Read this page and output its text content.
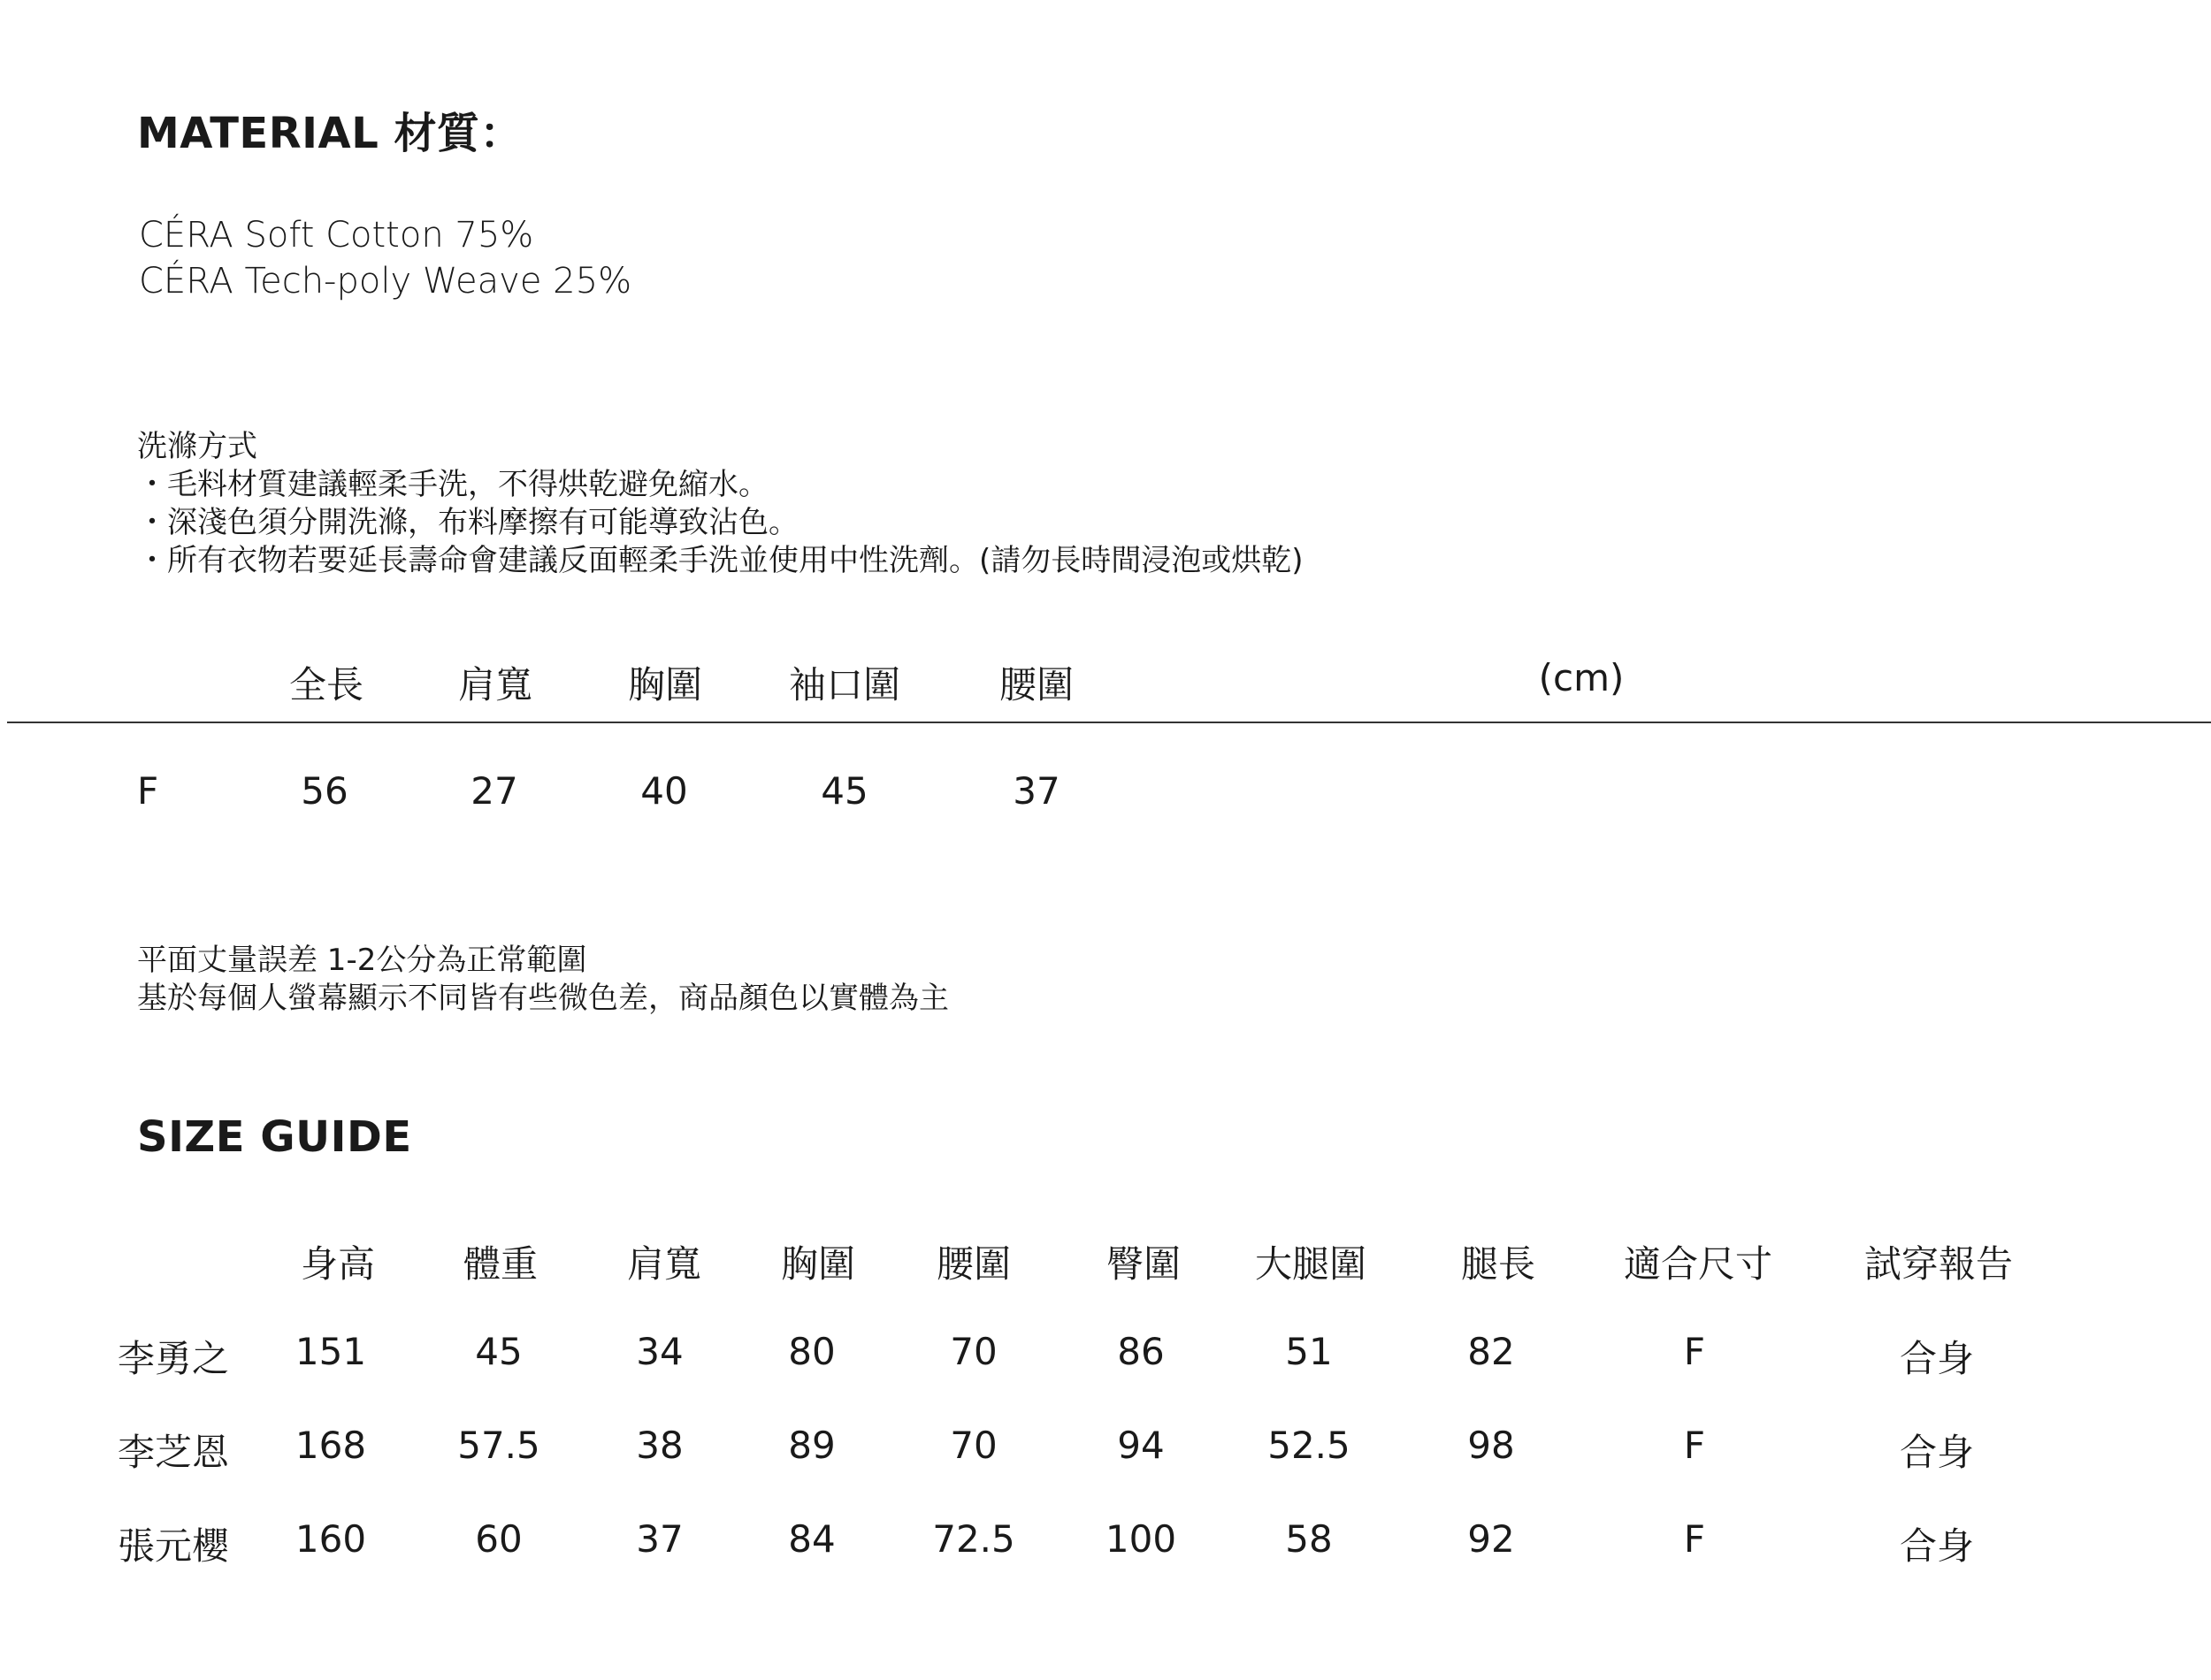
MATERIAL 材質：
CÉRA Soft Cotton 75%
CÉRA Tech-poly Weave 25%
洗滌方式
・毛料材質建議輕柔手洗，不得烘乾避免縮水。
・深淺色須分開洗滌，布料摩擦有可能導致沾色。
・所有衣物若要延長壽命會建議反面輕柔手洗並使用中性洗劑。(請勿長時間浸泡或烘乾)
全長	肩寬	胸圍 袖口圍	腰圍	(cm)
F	56	27	40	45	37
平面丈量誤差 1-2公分為正常範圍
基於每個人螢幕顯示不同皆有些微色差，商品顏色以實體為主
SIZE GUIDE
身高 體重 肩寬 胸圍 腰圍	臀圍 大腿圍	腿長 適合尺寸 試穿報告
李勇之 151	45	34	80	70	86	51	82	F	合身
李芝恩 168 57.5	38	89	70	94	52.5	98	F	合身
張元櫻 160	60	37	84	72.5 100	58	92	F	合身
